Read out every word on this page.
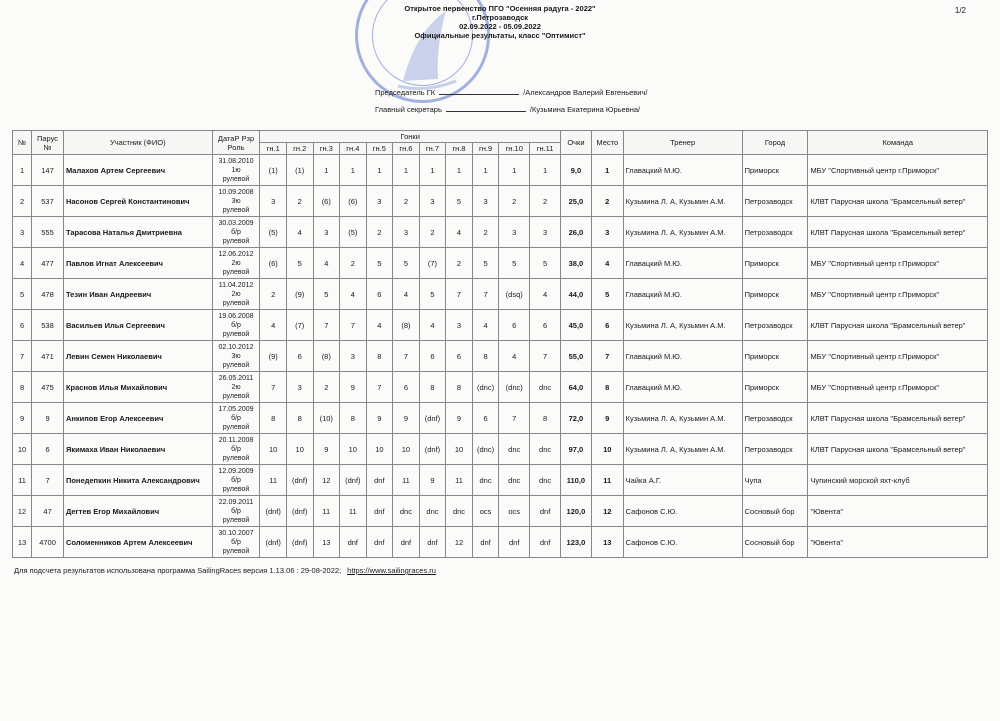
Открытое первенство ПГО "Осенняя радуга - 2022"
г.Петрозаводск
02.09.2022 - 05.09.2022
Официальные результаты, класс "Оптимист"
1/2
Председатель ГК	/Александров Валерий Евгеньевич/
Главный секретарь	/Кузьмина Екатерина Юрьевна/
№	Парус №	Участник (ФИО)	ДатаР Рзр Роль	Гонки											Очки	Место	Тренер	Город	Команда
				гн.1	гн.2	гн.3	гн.4	гн.5	гн.6	гн.7	гн.8	гн.9	гн.10	гн.11					
1	147	Малахов Артем Сергеевич	31.08.2010
1ю
рулевой	(1)	(1)	1	1	1	1	1	1	1	1	1	9,0	1	Главацкий М.Ю.	Приморск	МБУ "Спортивный центр г.Приморск"
2	537	Насонов Сергей Константинович	10.09.2008
3ю
рулевой	3	2	(6)	(6)	3	2	3	5	3	2	2	25,0	2	Кузьмина Л. А, Кузьмин А.М.	Петрозаводск	КЛВТ Парусная школа "Брамсельный ветер"
3	555	Тарасова Наталья Дмитриевна	30.03.2009
б/р
рулевой	(5)	4	3	(5)	2	3	2	4	2	3	3	26,0	3	Кузьмина Л. А, Кузьмин А.М.	Петрозаводск	КЛВТ Парусная школа "Брамсельный ветер"
4	477	Павлов Игнат Алексеевич	12.06.2012
2ю
рулевой	(6)	5	4	2	5	5	(7)	2	5	5	5	38,0	4	Главацкий М.Ю.	Приморск	МБУ "Спортивный центр г.Приморск"
5	478	Тезин Иван Андреевич	11.04.2012
2ю
рулевой	2	(9)	5	4	6	4	5	7	7	(dsq)	4	44,0	5	Главацкий М.Ю.	Приморск	МБУ "Спортивный центр г.Приморск"
6	538	Васильев Илья Сергеевич	19.06.2008
б/р
рулевой	4	(7)	7	7	4	(8)	4	3	4	6	6	45,0	6	Кузьмина Л. А, Кузьмин А.М.	Петрозаводск	КЛВТ Парусная школа "Брамсельный ветер"
7	471	Левин Семен Николаевич	02.10.2012
3ю
рулевой	(9)	6	(8)	3	8	7	6	6	8	4	7	55,0	7	Главацкий М.Ю.	Приморск	МБУ "Спортивный центр г.Приморск"
8	475	Краснов Илья Михайлович	26.05.2011
2ю
рулевой	7	3	2	9	7	6	8	8	(dnc)	(dnc)	dnc	64,0	8	Главацкий М.Ю.	Приморск	МБУ "Спортивный центр г.Приморск"
9	9	Анкипов Егор Алексеевич	17.05.2009
б/р
рулевой	8	8	(10)	8	9	9	(dnf)	9	6	7	8	72,0	9	Кузьмина Л. А, Кузьмин А.М.	Петрозаводск	КЛВТ Парусная школа "Брамсельный ветер"
10	6	Якимаха Иван Николаевич	20.11.2008
б/р
рулевой	10	10	9	10	10	10	(dnf)	10	(dnc)	dnc	dnc	97,0	10	Кузьмина Л. А, Кузьмин А.М.	Петрозаводск	КЛВТ Парусная школа "Брамсельный ветер"
11	7	Понедепкин Никита Александрович	12.09.2009
б/р
рулевой	11	(dnf)	12	(dnf)	dnf	11	9	11	dnc	dnc	dnc	110,0	11	Чайка А.Г.	Чупа	Чупинский морской яхт-клуб
12	47	Дегтев Егор Михайлович	22.09.2011
б/р
рулевой	(dnf)	(dnf)	11	11	dnf	dnc	dnc	dnc	ocs	ocs	dnf	120,0	12	Сафонов С.Ю.	Сосновый бор	"Ювента"
13	4700	Соломенников Артем Алексеевич	30.10.2007
б/р
рулевой	(dnf)	(dnf)	13	dnf	dnf	dnf	dnf	12	dnf	dnf	dnf	123,0	13	Сафонов С.Ю.	Сосновый бор	"Ювента"
Для подсчета результатов использована программа SailingRaces версия 1.13.06 : 29-08-2022; https://www.sailingraces.ru
